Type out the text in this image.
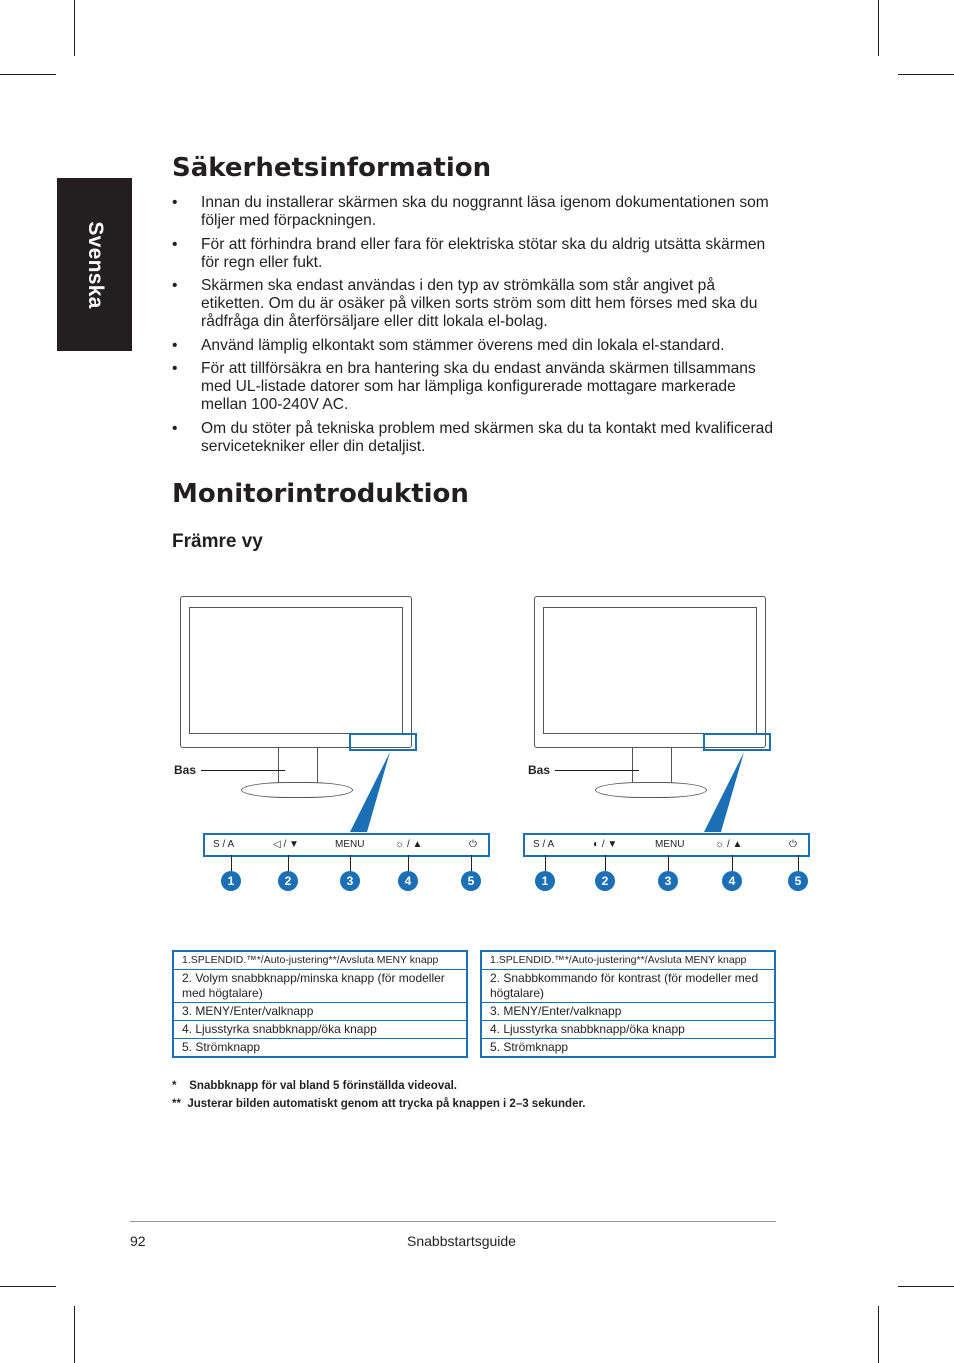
Svenska
Säkerhetsinformation
• Innan du installerar skärmen ska du noggrannt läsa igenom dokumentationen som följer med förpackningen.
• För att förhindra brand eller fara för elektriska stötar ska du aldrig utsätta skärmen för regn eller fukt.
• Skärmen ska endast användas i den typ av strömkälla som står angivet på etiketten. Om du är osäker på vilken sorts ström som ditt hem förses med ska du rådfråga din återförsäljare eller ditt lokala el-bolag.
• Använd lämplig elkontakt som stämmer överens med din lokala el-standard.
• För att tillförsäkra en bra hantering ska du endast använda skärmen tillsammans med UL-listade datorer som har lämpliga konfigurerade mottagare markerade mellan 100-240V AC.
• Om du stöter på tekniska problem med skärmen ska du ta kontakt med kvalificerad servicetekniker eller din detaljist.
Monitorintroduktion
Främre vy
Bas
S / A	◁ / ▼	MENU	☼ / ▲	⏻
1	2	3	4	5
Bas
S / A	◐ / ▼	MENU	☼ / ▲	⏻
1	2	3	4	5
1.SPLENDID.™*/Auto-justering**/Avsluta MENY knapp
2. Volym snabbknapp/minska knapp (för modeller med högtalare)
3. MENY/Enter/valknapp
4. Ljusstyrka snabbknapp/öka knapp
5. Strömknapp
1.SPLENDID.™*/Auto-justering**/Avsluta MENY knapp
2. Snabbkommando för kontrast (för modeller med högtalare)
3. MENY/Enter/valknapp
4. Ljusstyrka snabbknapp/öka knapp
5. Strömknapp
*    Snabbknapp för val bland 5 förinställda videoval.
**  Justerar bilden automatiskt genom att trycka på knappen i 2–3 sekunder.
92	Snabbstartsguide
